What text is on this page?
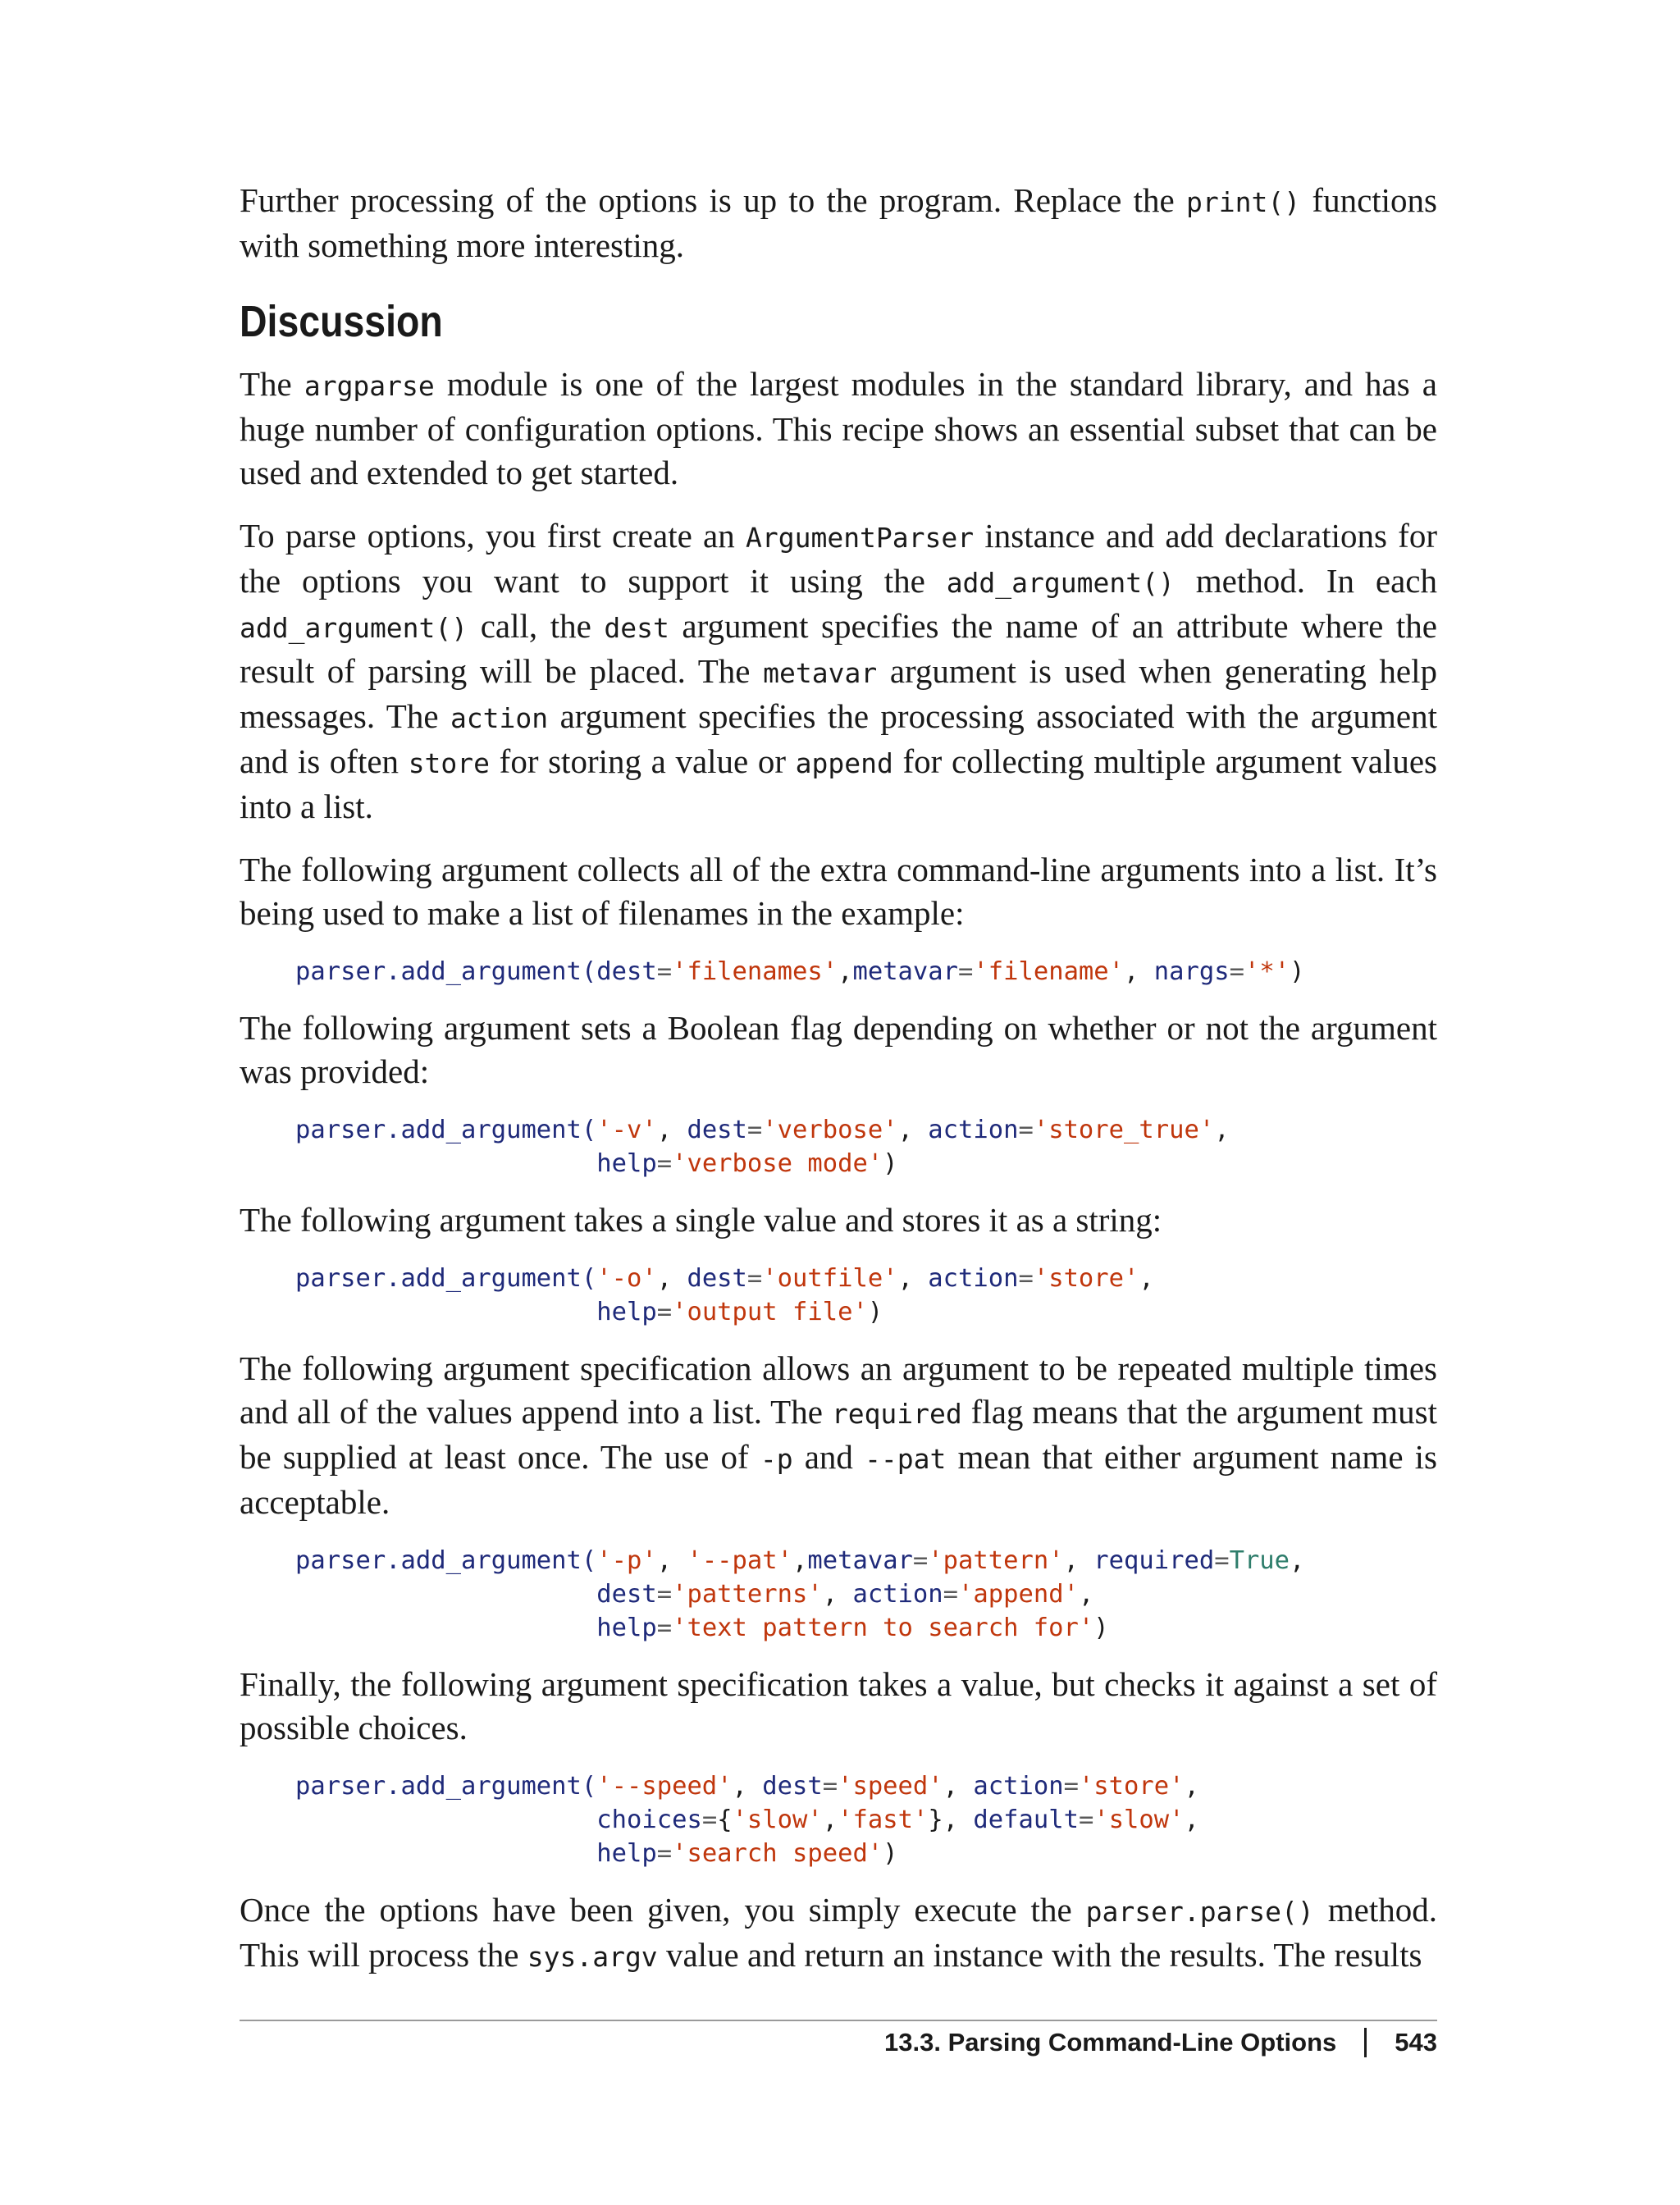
Further processing of the options is up to the program. Replace the print() functions with something more interesting.

Discussion

The argparse module is one of the largest modules in the standard library, and has a huge number of configuration options. This recipe shows an essential subset that can be used and extended to get started.

To parse options, you first create an ArgumentParser instance and add declarations for the options you want to support it using the add_argument() method. In each add_argument() call, the dest argument specifies the name of an attribute where the result of parsing will be placed. The metavar argument is used when generating help messages. The action argument specifies the processing associated with the argument and is often store for storing a value or append for collecting multiple argument values into a list.

The following argument collects all of the extra command-line arguments into a list. It’s being used to make a list of filenames in the example:

parser.add_argument(dest='filenames',metavar='filename', nargs='*')

The following argument sets a Boolean flag depending on whether or not the argument was provided:

parser.add_argument('-v', dest='verbose', action='store_true',
help='verbose mode')

The following argument takes a single value and stores it as a string:

parser.add_argument('-o', dest='outfile', action='store',
help='output file')

The following argument specification allows an argument to be repeated multiple times and all of the values append into a list. The required flag means that the argument must be supplied at least once. The use of -p and --pat mean that either argument name is acceptable.

parser.add_argument('-p', '--pat',metavar='pattern', required=True,
dest='patterns', action='append',
help='text pattern to search for')

Finally, the following argument specification takes a value, but checks it against a set of possible choices.

parser.add_argument('--speed', dest='speed', action='store',
choices={'slow','fast'}, default='slow',
help='search speed')

Once the options have been given, you simply execute the parser.parse() method. This will process the sys.argv value and return an instance with the results. The results

13.3. Parsing Command-Line Options 543
